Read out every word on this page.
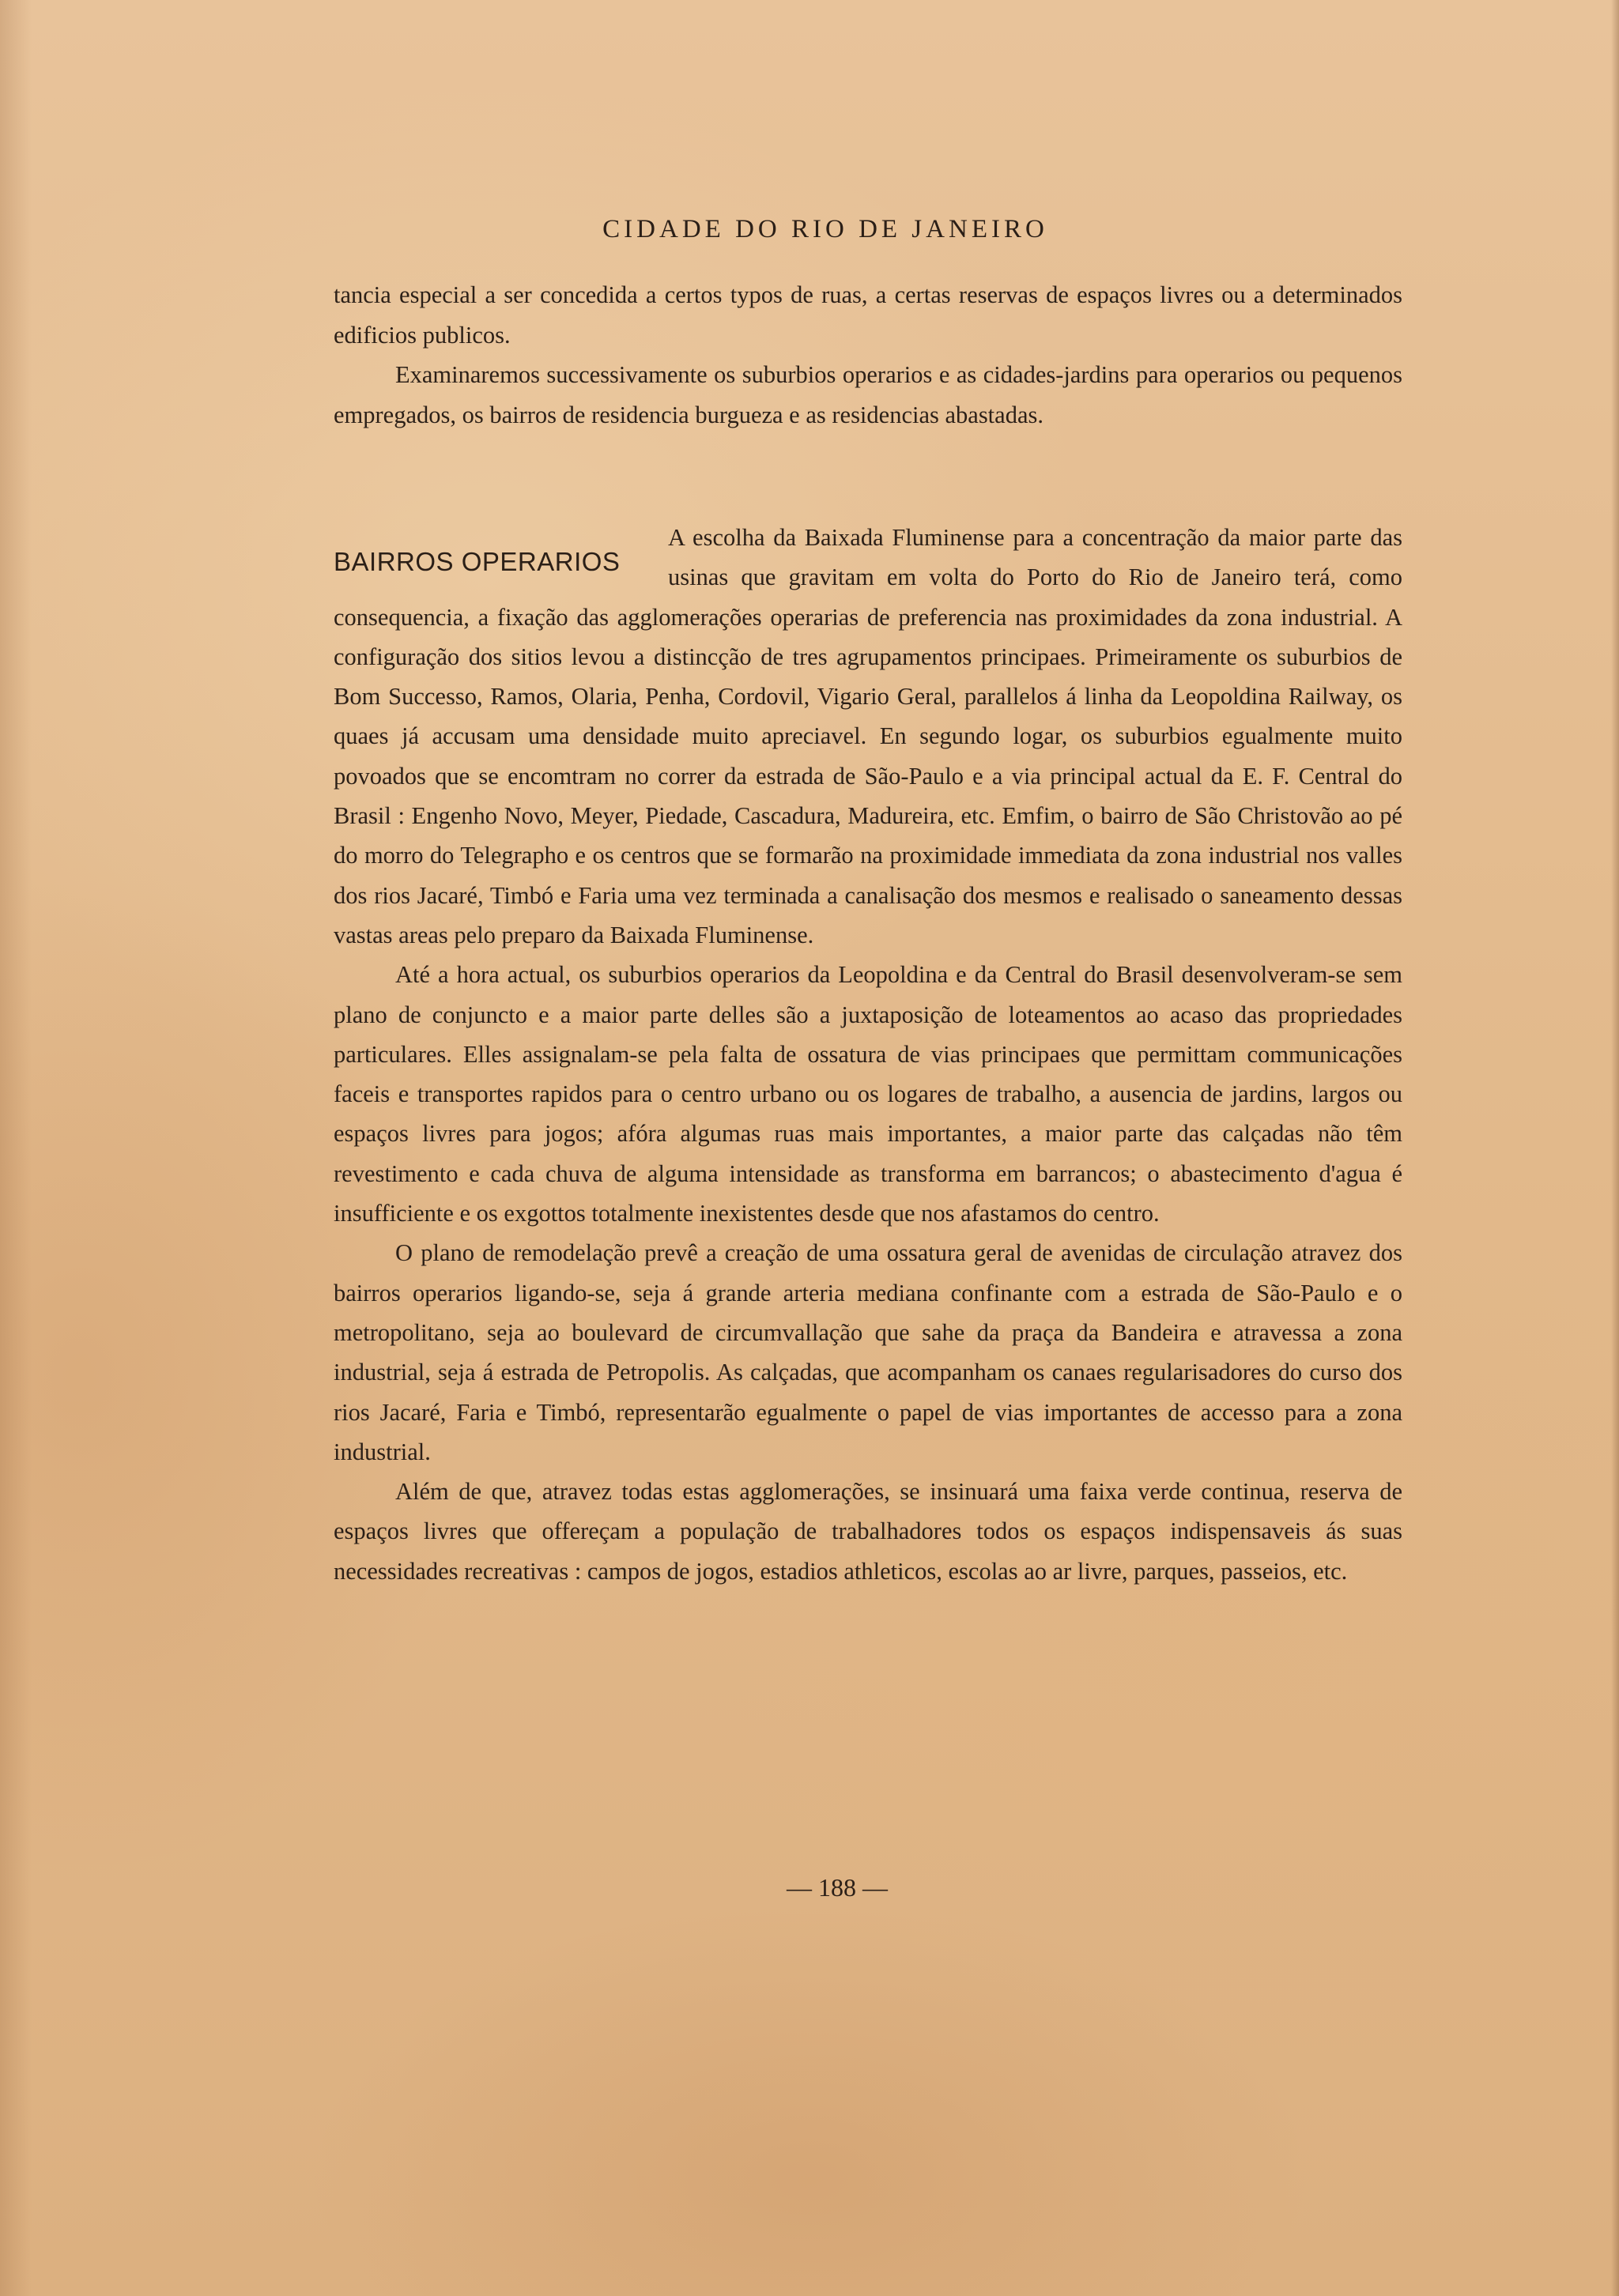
CIDADE DO RIO DE JANEIRO

tancia especial a ser concedida a certos typos de ruas, a certas reservas de espaços livres ou a determinados edificios publicos.

Examinaremos successivamente os suburbios operarios e as cidades-jardins para operarios ou pequenos empregados, os bairros de residencia burgueza e as residencias abastadas.

BAIRROS OPERARIOS

A escolha da Baixada Fluminense para a concentração da maior parte das usinas que gravitam em volta do Porto do Rio de Janeiro terá, como consequencia, a fixação das agglomerações operarias de preferencia nas proximidades da zona industrial. A configuração dos sitios levou a distincção de tres agrupamentos principaes. Primeiramente os suburbios de Bom Successo, Ramos, Olaria, Penha, Cordovil, Vigario Geral, parallelos á linha da Leopoldina Railway, os quaes já accusam uma densidade muito apreciavel. En segundo logar, os suburbios egualmente muito povoados que se encomtram no correr da estrada de São-Paulo e a via principal actual da E. F. Central do Brasil : Engenho Novo, Meyer, Piedade, Cascadura, Madureira, etc. Emfim, o bairro de São Christovão ao pé do morro do Telegrapho e os centros que se formarão na proximidade immediata da zona industrial nos valles dos rios Jacaré, Timbó e Faria uma vez terminada a canalisação dos mesmos e realisado o saneamento dessas vastas areas pelo preparo da Baixada Fluminense.

Até a hora actual, os suburbios operarios da Leopoldina e da Central do Brasil desenvolveram-se sem plano de conjuncto e a maior parte delles são a juxtaposição de loteamentos ao acaso das propriedades particulares. Elles assignalam-se pela falta de ossatura de vias principaes que permittam communicações faceis e transportes rapidos para o centro urbano ou os logares de trabalho, a ausencia de jardins, largos ou espaços livres para jogos; afóra algumas ruas mais importantes, a maior parte das calçadas não têm revestimento e cada chuva de alguma intensidade as transforma em barrancos; o abastecimento d'agua é insufficiente e os exgottos totalmente inexistentes desde que nos afastamos do centro.

O plano de remodelação prevê a creação de uma ossatura geral de avenidas de circulação atravez dos bairros operarios ligando-se, seja á grande arteria mediana confinante com a estrada de São-Paulo e o metropolitano, seja ao boulevard de circumvallação que sahe da praça da Bandeira e atravessa a zona industrial, seja á estrada de Petropolis. As calçadas, que acompanham os canaes regularisadores do curso dos rios Jacaré, Faria e Timbó, representarão egualmente o papel de vias importantes de accesso para a zona industrial.

Além de que, atravez todas estas agglomerações, se insinuará uma faixa verde continua, reserva de espaços livres que offereçam a população de trabalhadores todos os espaços indispensaveis ás suas necessidades recreativas : campos de jogos, estadios athleticos, escolas ao ar livre, parques, passeios, etc.

— 188 —
